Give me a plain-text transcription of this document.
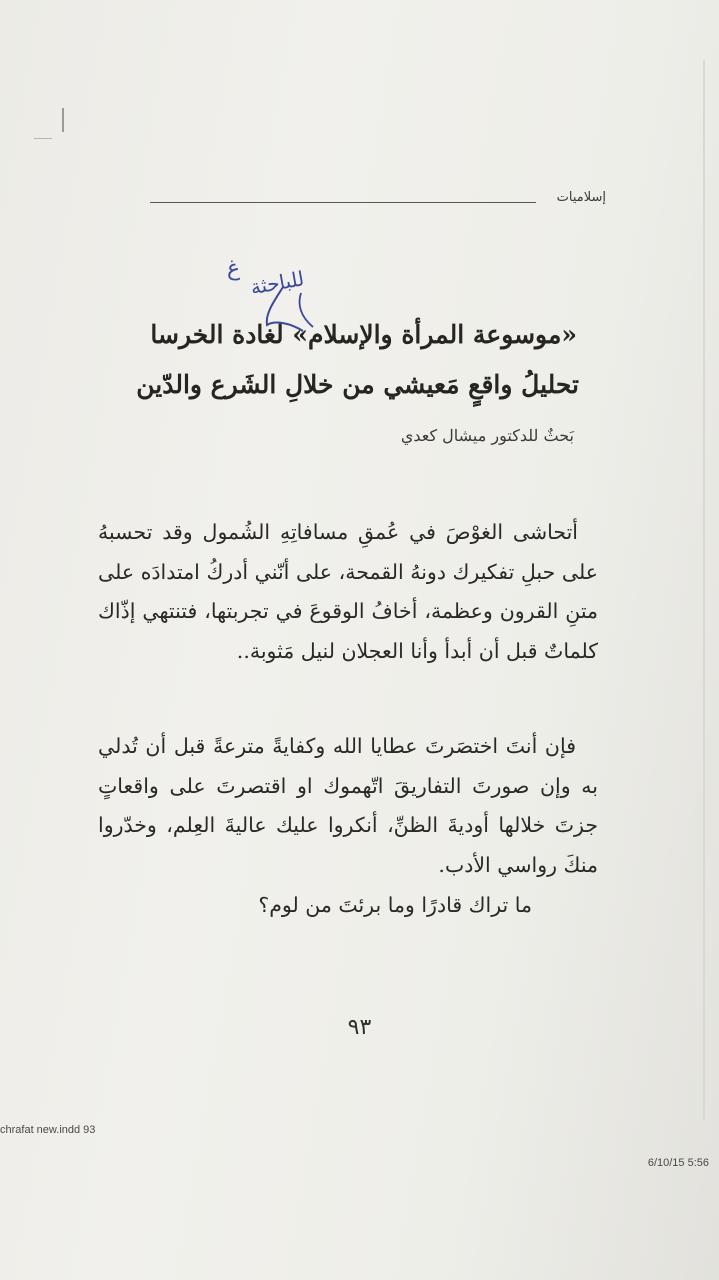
إسلاميات
للباحثة
غ
«موسوعة المرأة والإسلام» لغادة الخرسا
تحليلُ واقعٍ مَعيشي من خلالِ الشَرع والدّين
بَحثٌ للدكتور ميشال كعدي
أتحاشى الغوْصَ في عُمقِ مسافاتِهِ الشُمول وقد تحسبهُ على حبلِ تفكيرك دونهُ القمحة، على أنّني أدركُ امتدادَه على متنِ القرون وعظمة، أخافُ الوقوعَ في تجربتها، فتنتهي إذّاك كلماتٌ قبل أن أبدأ وأنا العجلان لنيل مَثوبة..
فإن أنتَ اختصَرتَ عطايا الله وكفايةً مترعةً قبل أن تُدلي به وإن صورتَ التفاريقَ اتّهموك او اقتصرتَ على واقعاتٍ جزتَ خلالها أوديةَ الظنِّ، أنكروا عليك عاليةَ العِلم، وخدّروا منكَ رواسي الأدب.
ما تراك قادرًا وما برئتَ من لوم؟
٩٣
chrafat new.indd 93
6/10/15 5:56
